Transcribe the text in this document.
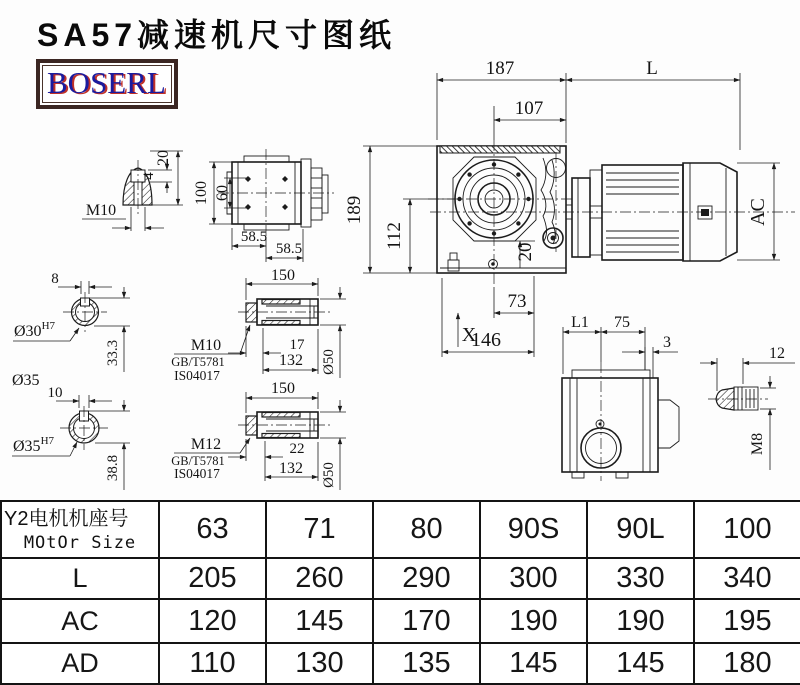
SA57减速机尺寸图纸
BOSERL
4
20
M10
100 60
58.5
58.5
187	L
107
189
112
20
73
146
X
AC
8
$Ø30^{H7}$
33.3
Ø35
10
$Ø35^{H7}$
38.8
150
17
132 Ø50
M10
GB/T5781
IS04017
150
22
132 Ø50
M12
GB/T5781
IS04017
L1 75
3
12
M8
Y2电机机座号
MOtOr Size	63	71	80	90S	90L	100
L	205	260	290	300	330	340
AC	120	145	170	190	190	195
AD	110	130	135	145	145	180
